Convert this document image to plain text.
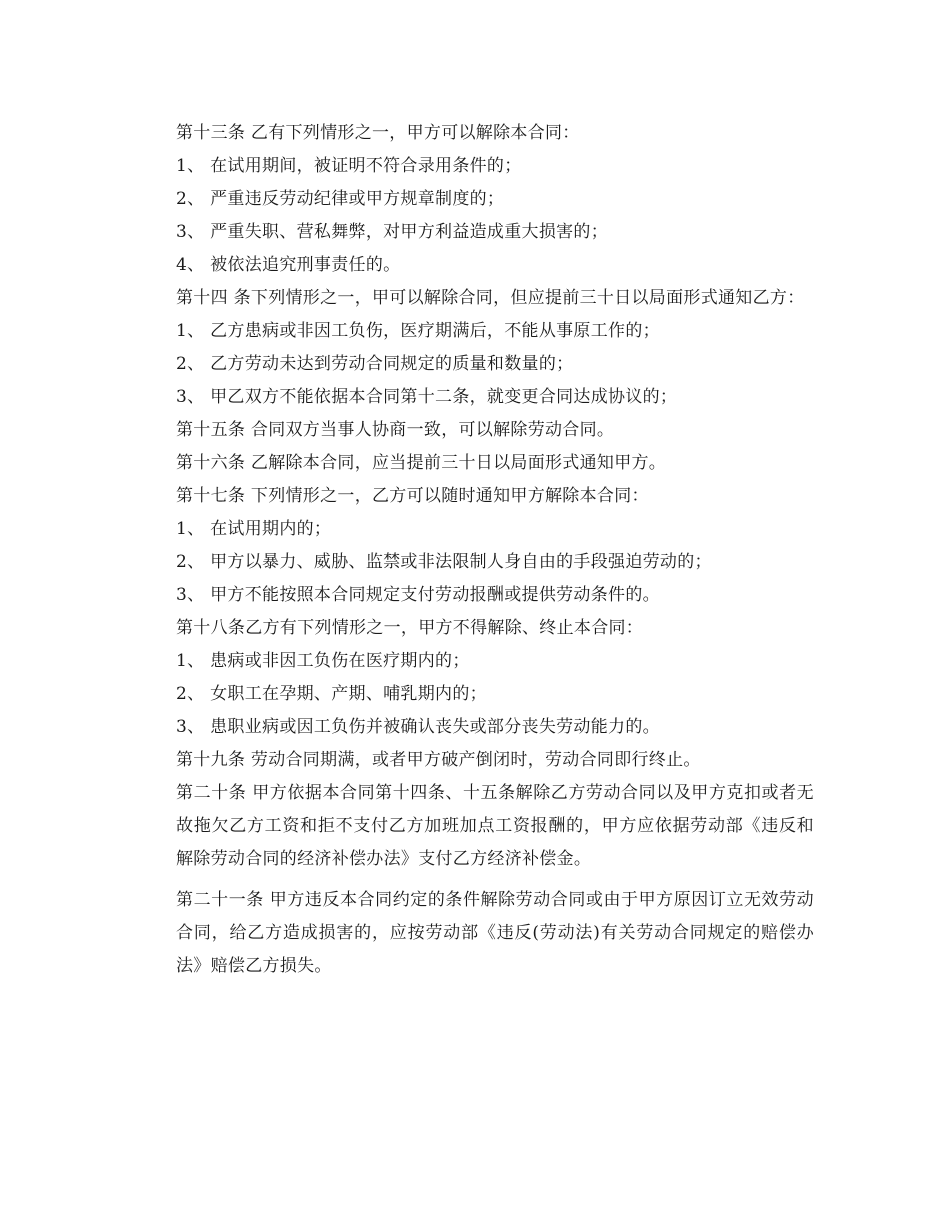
第十三条 乙有下列情形之一，甲方可以解除本合同：
1、 在试用期间，被证明不符合录用条件的；
2、 严重违反劳动纪律或甲方规章制度的；
3、 严重失职、营私舞弊，对甲方利益造成重大损害的；
4、 被依法追究刑事责任的。
第十四 条下列情形之一，甲可以解除合同，但应提前三十日以局面形式通知乙方：
1、 乙方患病或非因工负伤，医疗期满后，不能从事原工作的；
2、 乙方劳动未达到劳动合同规定的质量和数量的；
3、 甲乙双方不能依据本合同第十二条，就变更合同达成协议的；
第十五条 合同双方当事人协商一致，可以解除劳动合同。
第十六条 乙解除本合同，应当提前三十日以局面形式通知甲方。
第十七条 下列情形之一，乙方可以随时通知甲方解除本合同：
1、 在试用期内的；
2、 甲方以暴力、威胁、监禁或非法限制人身自由的手段强迫劳动的；
3、 甲方不能按照本合同规定支付劳动报酬或提供劳动条件的。
第十八条乙方有下列情形之一，甲方不得解除、终止本合同：
1、 患病或非因工负伤在医疗期内的；
2、 女职工在孕期、产期、哺乳期内的；
3、 患职业病或因工负伤并被确认丧失或部分丧失劳动能力的。
第十九条 劳动合同期满，或者甲方破产倒闭时，劳动合同即行终止。
第二十条 甲方依据本合同第十四条、十五条解除乙方劳动合同以及甲方克扣或者无故拖欠乙方工资和拒不支付乙方加班加点工资报酬的，甲方应依据劳动部《违反和解除劳动合同的经济补偿办法》支付乙方经济补偿金。
第二十一条 甲方违反本合同约定的条件解除劳动合同或由于甲方原因订立无效劳动合同，给乙方造成损害的，应按劳动部《违反(劳动法)有关劳动合同规定的赔偿办法》赔偿乙方损失。
